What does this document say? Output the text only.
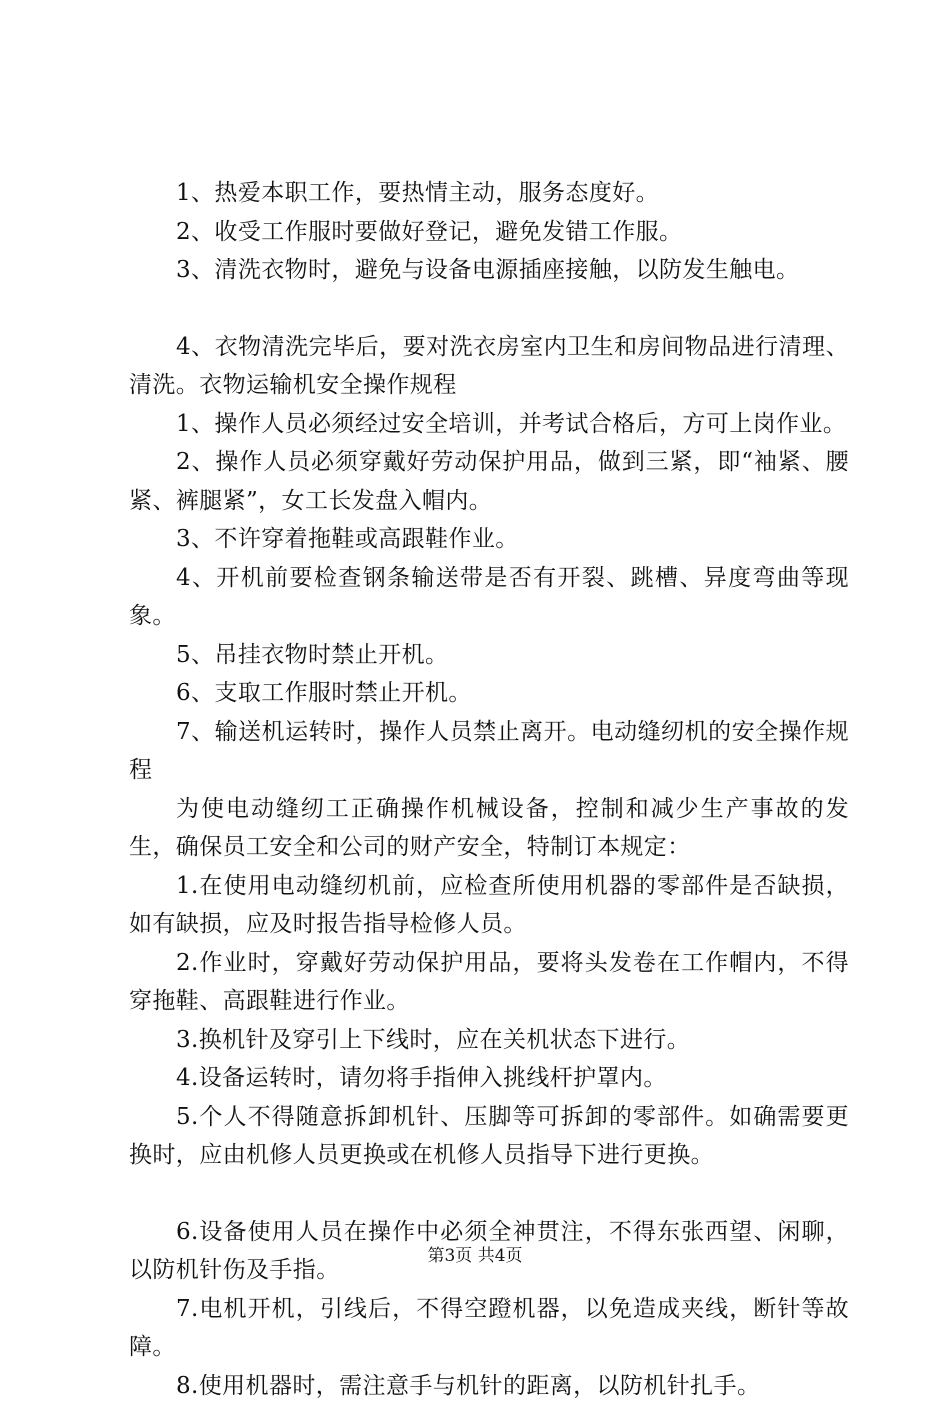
1、热爱本职工作，要热情主动，服务态度好。

2、收受工作服时要做好登记，避免发错工作服。

3、清洗衣物时，避免与设备电源插座接触，以防发生触电。

4、衣物清洗完毕后，要对洗衣房室内卫生和房间物品进行清理、清洗。衣物运输机安全操作规程

1、操作人员必须经过安全培训，并考试合格后，方可上岗作业。

2、操作人员必须穿戴好劳动保护用品，做到三紧，即“袖紧、腰紧、裤腿紧”，女工长发盘入帽内。

3、不许穿着拖鞋或高跟鞋作业。

4、开机前要检查钢条输送带是否有开裂、跳槽、异度弯曲等现象。

5、吊挂衣物时禁止开机。

6、支取工作服时禁止开机。

7、输送机运转时，操作人员禁止离开。电动缝纫机的安全操作规程

为使电动缝纫工正确操作机械设备，控制和减少生产事故的发生，确保员工安全和公司的财产安全，特制订本规定：

1.在使用电动缝纫机前，应检查所使用机器的零部件是否缺损，如有缺损，应及时报告指导检修人员。

2.作业时，穿戴好劳动保护用品，要将头发卷在工作帽内，不得穿拖鞋、高跟鞋进行作业。

3.换机针及穿引上下线时，应在关机状态下进行。

4.设备运转时，请勿将手指伸入挑线杆护罩内。

5.个人不得随意拆卸机针、压脚等可拆卸的零部件。如确需要更换时，应由机修人员更换或在机修人员指导下进行更换。

6.设备使用人员在操作中必须全神贯注，不得东张西望、闲聊，以防机针伤及手指。

7.电机开机，引线后，不得空蹬机器，以免造成夹线，断针等故障。

8.使用机器时，需注意手与机针的距离，以防机针扎手。

第3页 共4页
